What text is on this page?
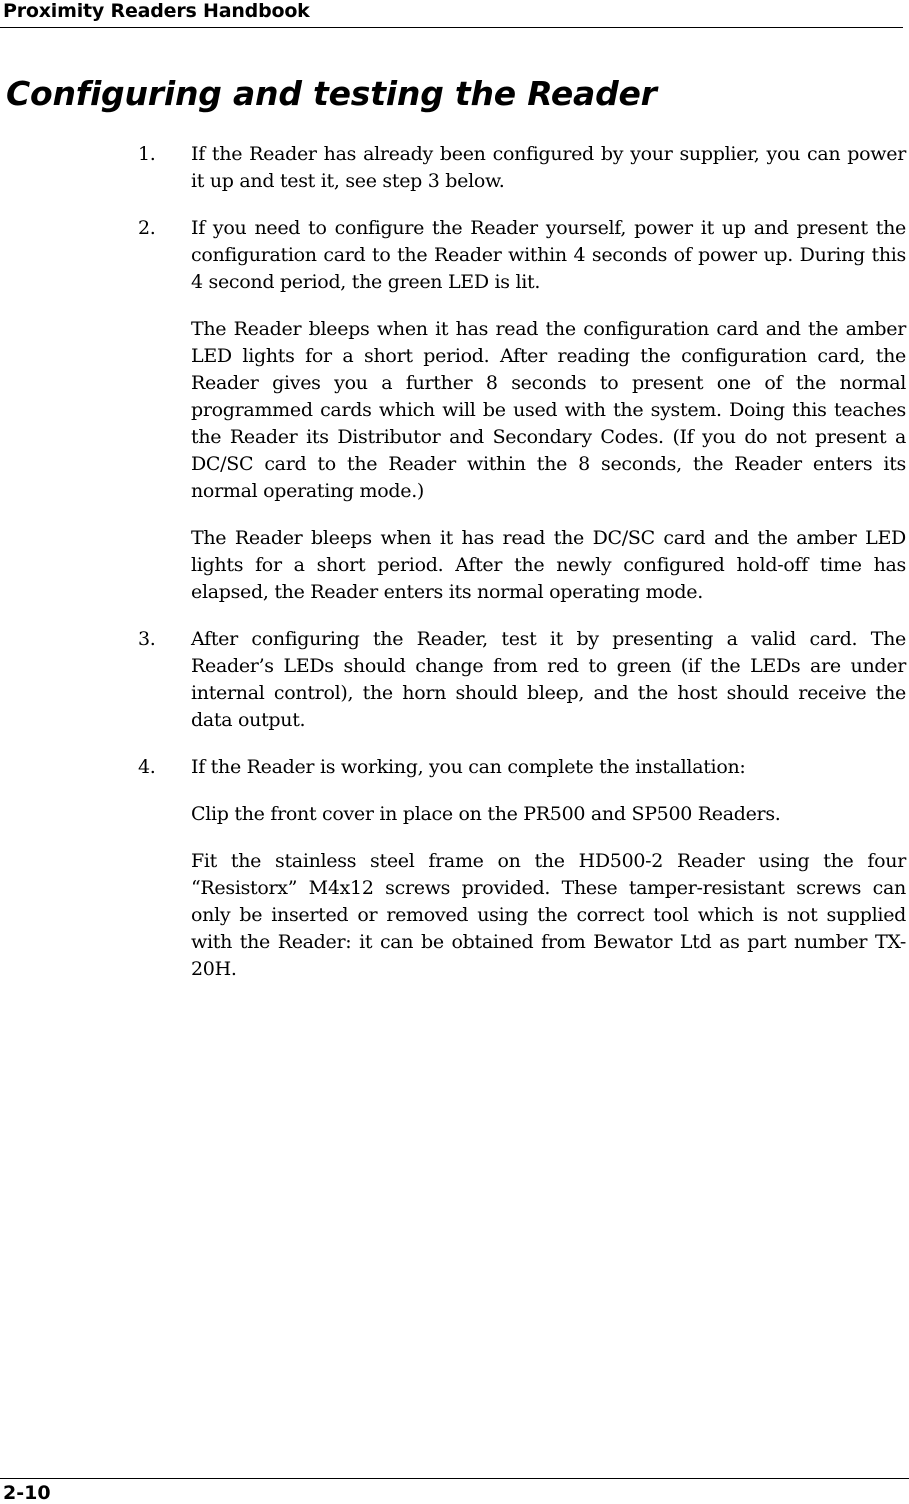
Proximity Readers Handbook
Configuring and testing the Reader
1.	If the Reader has already been configured by your supplier, you can power it up and test it, see step 3 below.
2.	If you need to configure the Reader yourself, power it up and present the configuration card to the Reader within 4 seconds of power up. During this 4 second period, the green LED is lit.

The Reader bleeps when it has read the configuration card and the amber LED lights for a short period. After reading the configuration card, the Reader gives you a further 8 seconds to present one of the normal programmed cards which will be used with the system. Doing this teaches the Reader its Distributor and Secondary Codes. (If you do not present a DC/SC card to the Reader within the 8 seconds, the Reader enters its normal operating mode.)

The Reader bleeps when it has read the DC/SC card and the amber LED lights for a short period. After the newly configured hold-off time has elapsed, the Reader enters its normal operating mode.

3.	After configuring the Reader, test it by presenting a valid card. The Reader’s LEDs should change from red to green (if the LEDs are under internal control), the horn should bleep, and the host should receive the data output.
4.	If the Reader is working, you can complete the installation:

Clip the front cover in place on the PR500 and SP500 Readers.

Fit the stainless steel frame on the HD500-2 Reader using the four “Resistorx” M4x12 screws provided. These tamper-resistant screws can only be inserted or removed using the correct tool which is not supplied with the Reader: it can be obtained from Bewator Ltd as part number TX-20H.

2-10
